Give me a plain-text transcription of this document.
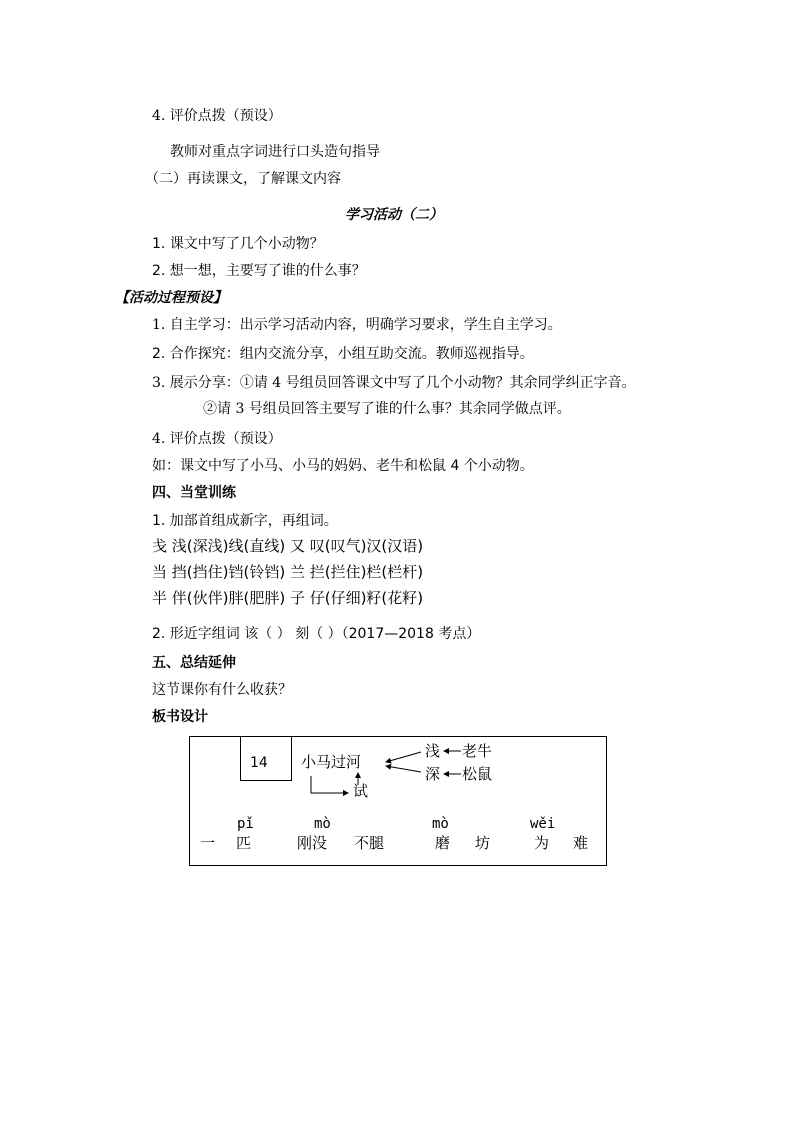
4. 评价点拨（预设）
教师对重点字词进行口头造句指导
（二）再读课文，了解课文内容
学习活动（二）
1. 课文中写了几个小动物？
2. 想一想，主要写了谁的什么事？
【活动过程预设】
1. 自主学习：出示学习活动内容，明确学习要求，学生自主学习。
2. 合作探究：组内交流分享，小组互助交流。教师巡视指导。
3. 展示分享：①请 4 号组员回答课文中写了几个小动物？其余同学纠正字音。
②请 3 号组员回答主要写了谁的什么事？其余同学做点评。
4. 评价点拨（预设）
如：课文中写了小马、小马的妈妈、老牛和松鼠 4 个小动物。
四、当堂训练
1. 加部首组成新字，再组词。
戋 浅(深浅)线(直线) 又 叹(叹气)汉(汉语)
当 挡(挡住)铛(铃铛) 兰 拦(拦住)栏(栏杆)
半 伴(伙伴)胖(肥胖) 子 仔(仔细)籽(花籽)
2. 形近字组词 该（ ） 刻（ ）（2017—2018 考点）
五、总结延伸
这节课你有什么收获？
板书设计
14 小马过河
浅 老牛
深 松鼠
试
pǐ	mò	mò	wěi
一 匹	刚没 不腿	磨 坊	为 难
